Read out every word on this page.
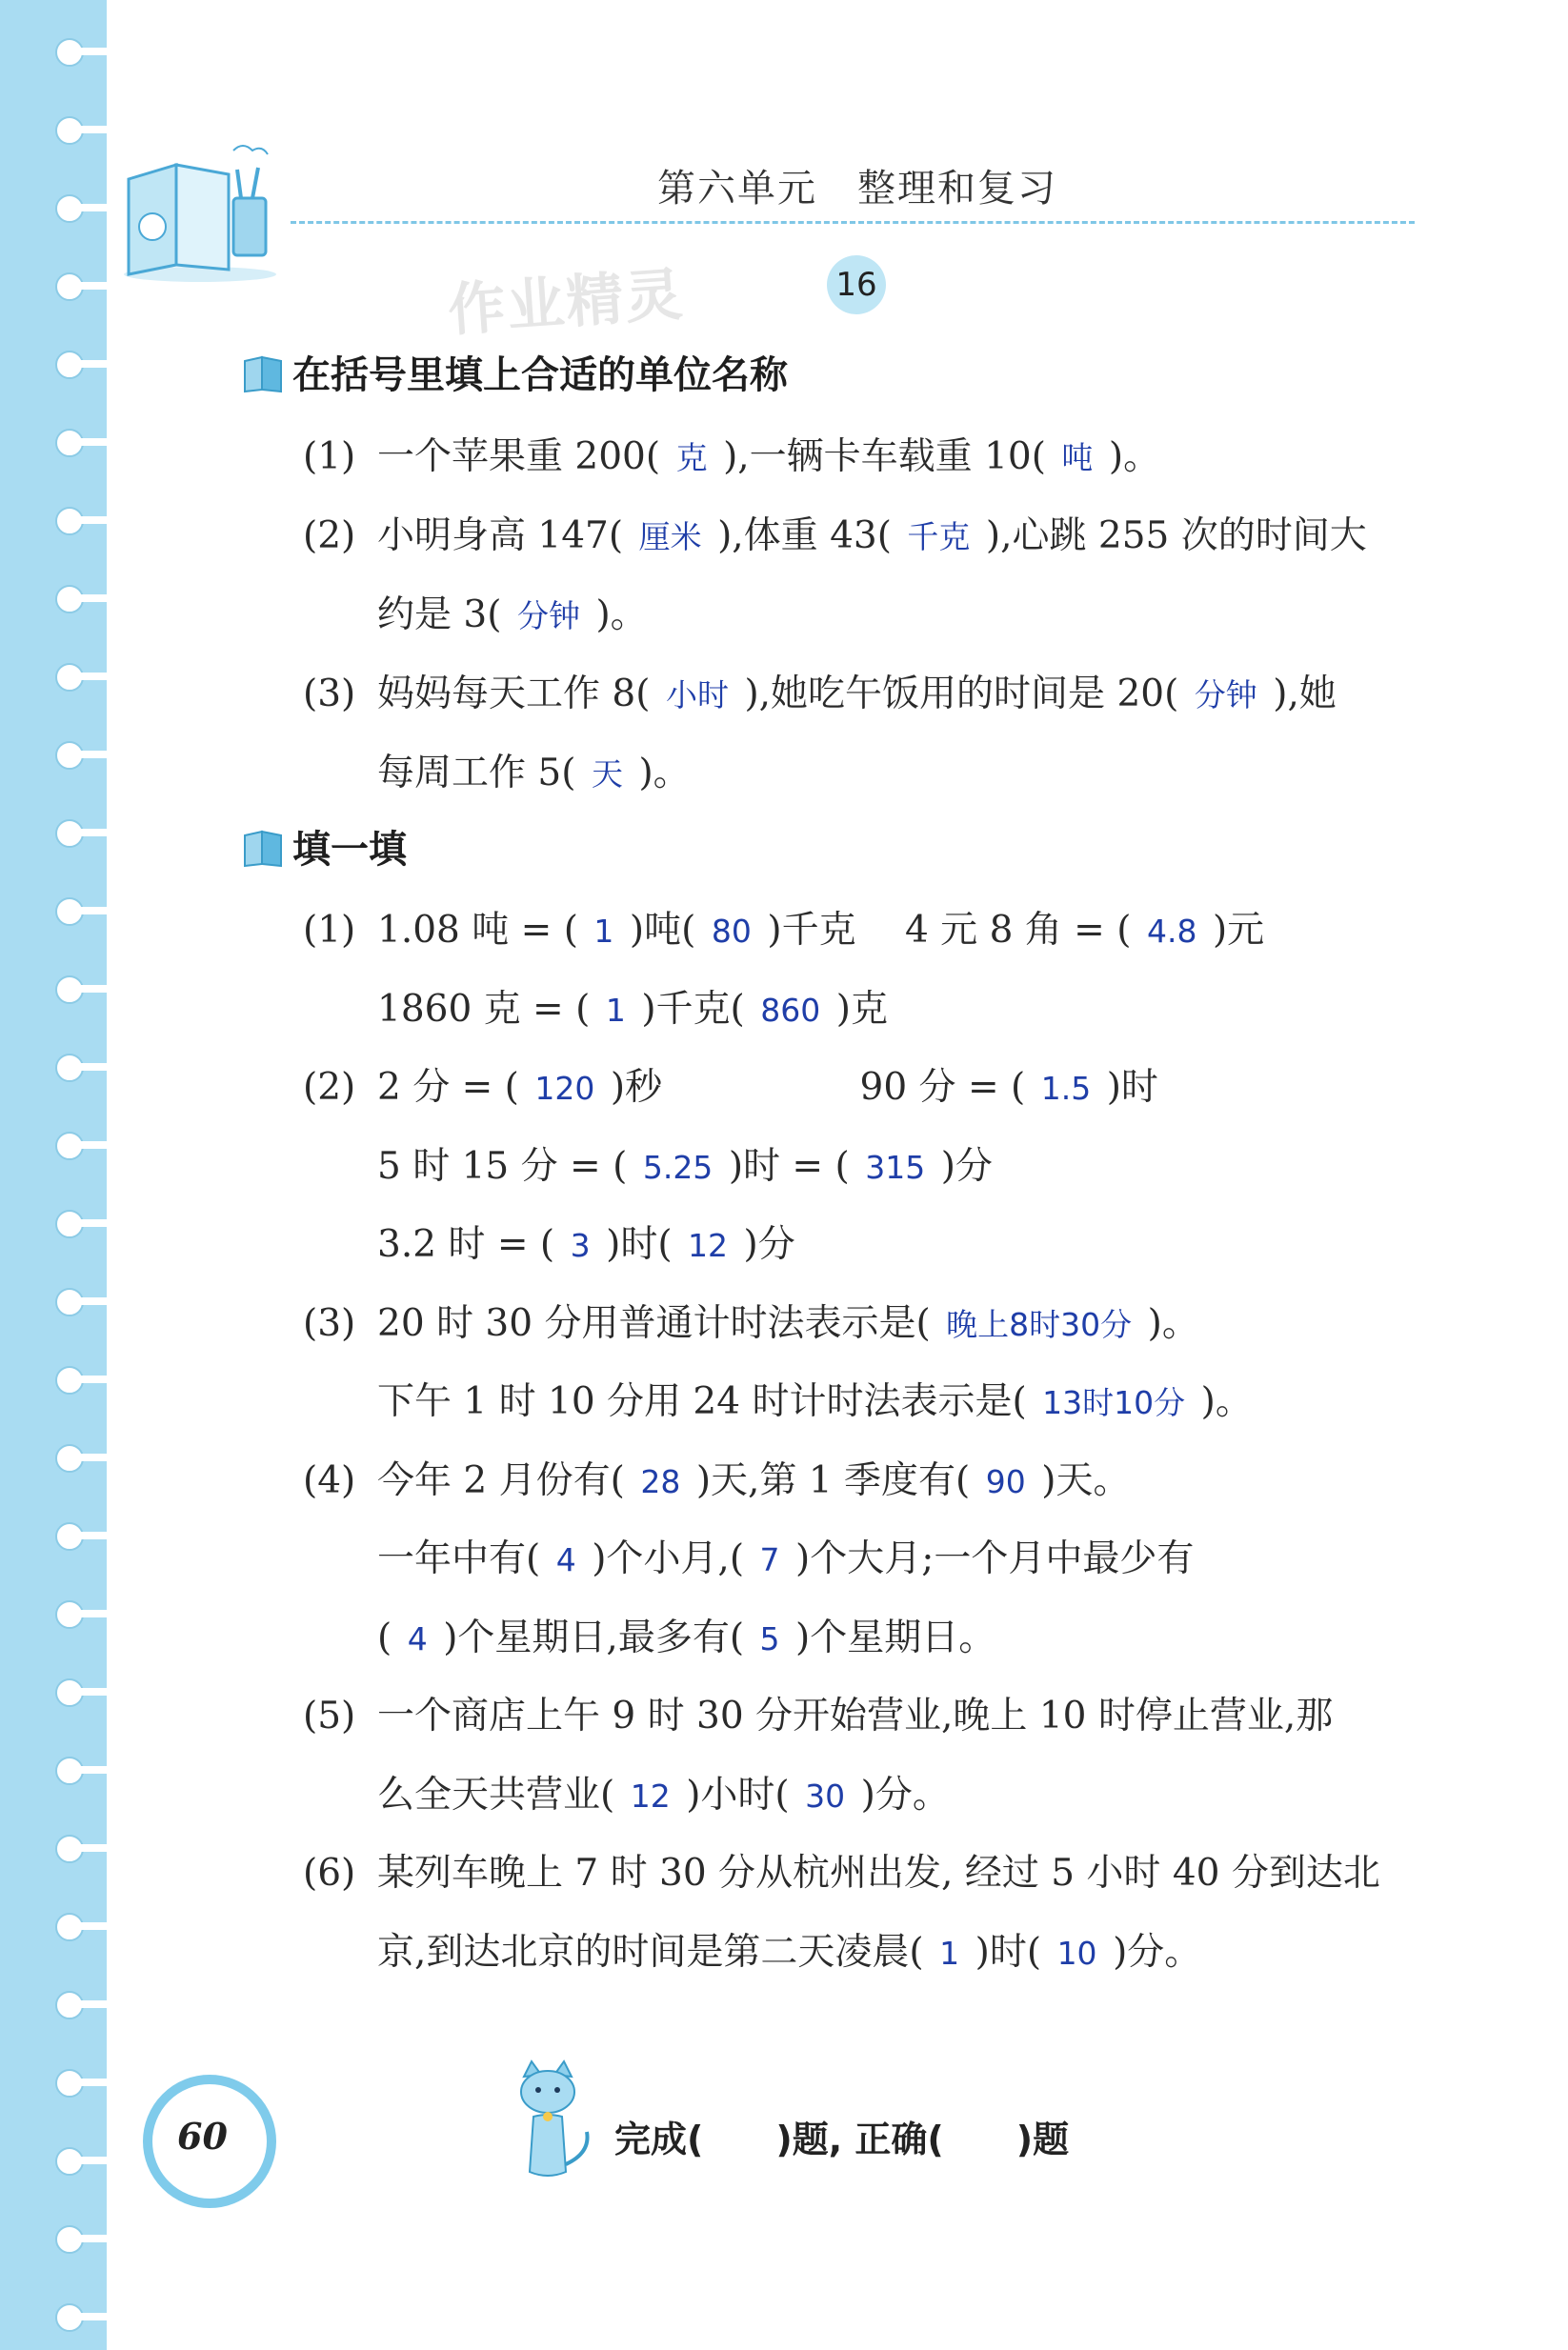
第六单元 整理和复习
作业精灵	16
在括号里填上合适的单位名称
(1) 一个苹果重 200( 克 ),一辆卡车载重 10( 吨 )。
(2) 小明身高 147( 厘米 ),体重 43( 千克 ),心跳 255 次的时间大
约是 3( 分钟 )。
(3) 妈妈每天工作 8( 小时 ),她吃午饭用的时间是 20( 分钟 ),她
每周工作 5( 天 )。
填一填
(1) 1.08 吨 = ( 1 )吨( 80 )千克　 4 元 8 角 = ( 4.8 )元
1860 克 = ( 1 )千克( 860 )克
(2) 2 分 = ( 120 )秒　　　　　 90 分 = ( 1.5 )时
5 时 15 分 = ( 5.25 )时 = ( 315 )分
3.2 时 = ( 3 )时( 12 )分
(3) 20 时 30 分用普通计时法表示是( 晚上8时30分 )。
下午 1 时 10 分用 24 时计时法表示是( 13时10分 )。
(4) 今年 2 月份有( 28 )天,第 1 季度有( 90 )天。
一年中有( 4 )个小月,( 7 )个大月;一个月中最少有
( 4 )个星期日,最多有( 5 )个星期日。
(5) 一个商店上午 9 时 30 分开始营业,晚上 10 时停止营业,那
么全天共营业( 12 )小时( 30 )分。
(6) 某列车晚上 7 时 30 分从杭州出发, 经过 5 小时 40 分到达北
京,到达北京的时间是第二天凌晨( 1 )时( 10 )分。
60	完成(　　)题, 正确(　　)题
